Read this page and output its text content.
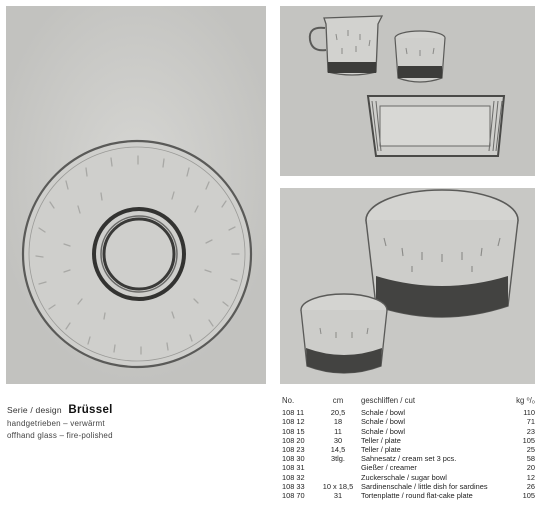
Serie / design Brüssel
handgetrieben – verwärmt
offhand glass – fire-polished
No.	cm	geschliffen / cut	kg ⁰/₀
108 11	20,5	Schale / bowl	110
108 12	18	Schale / bowl	71
108 15	11	Schale / bowl	23
108 20	30	Teller / plate	105
108 23	14,5	Teller / plate	25
108 30	3tlg.	Sahnesatz / cream set 3 pcs.	58
108 31		Gießer / creamer	20
108 32		Zuckerschale / sugar bowl	12
108 33	10 x 18,5	Sardinenschale / little dish for sardines	26
108 70	31	Tortenplatte / round flat-cake plate	105
